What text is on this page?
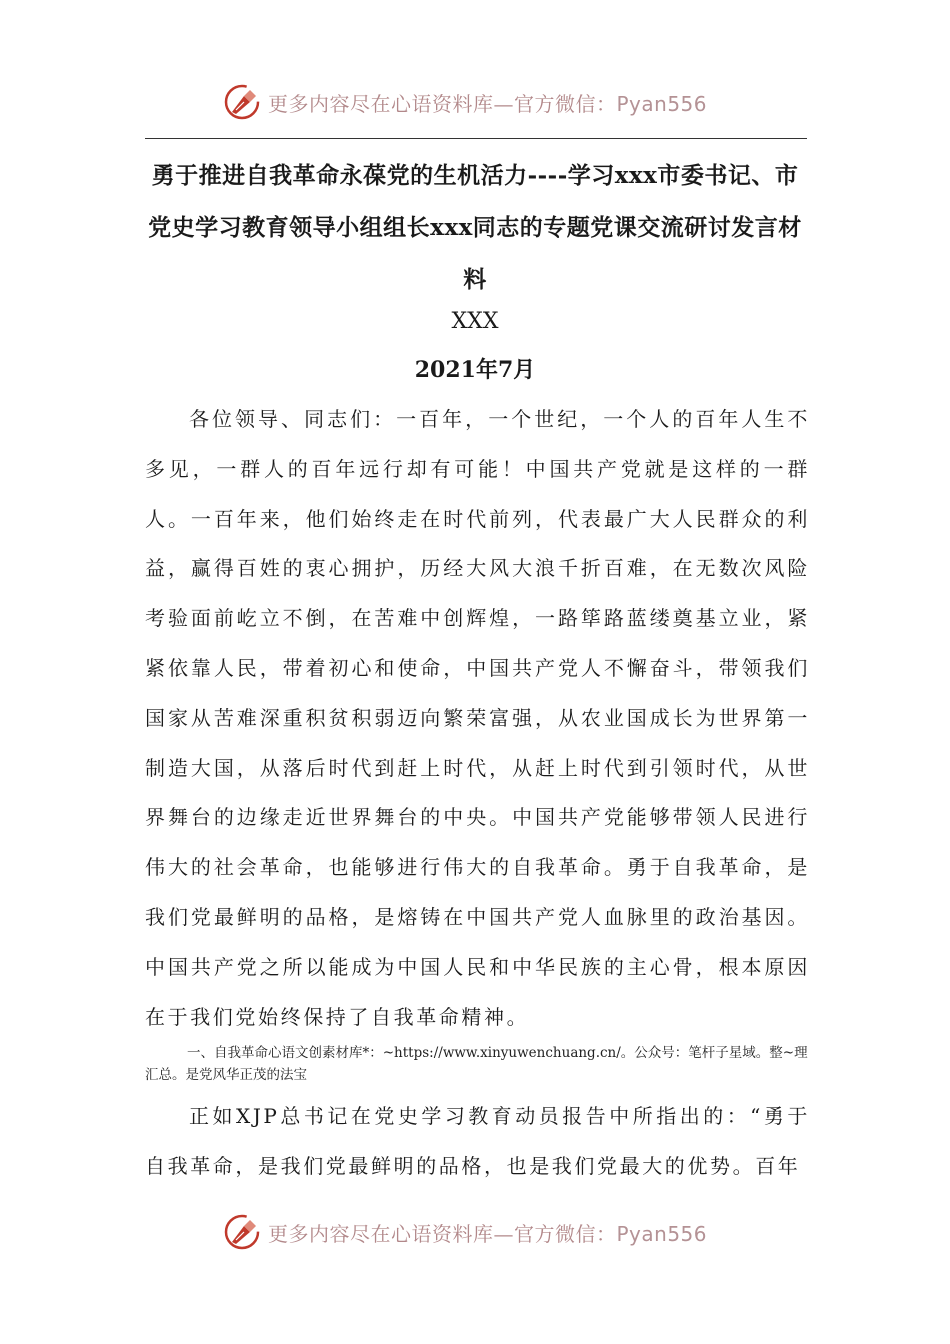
更多内容尽在心语资料库—官方微信：Pyan556
勇于推进自我革命永葆党的生机活力----学习xxx市委书记、市党史学习教育领导小组组长xxx同志的专题党课交流研讨发言材料
XXX
2021年7月

各位领导、同志们：一百年，一个世纪，一个人的百年人生不多见，一群人的百年远行却有可能！中国共产党就是这样的一群人。一百年来，他们始终走在时代前列，代表最广大人民群众的利益，赢得百姓的衷心拥护，历经大风大浪千折百难，在无数次风险考验面前屹立不倒，在苦难中创辉煌，一路筚路蓝缕奠基立业，紧紧依靠人民，带着初心和使命，中国共产党人不懈奋斗，带领我们国家从苦难深重积贫积弱迈向繁荣富强，从农业国成长为世界第一制造大国，从落后时代到赶上时代，从赶上时代到引领时代，从世界舞台的边缘走近世界舞台的中央。中国共产党能够带领人民进行伟大的社会革命，也能够进行伟大的自我革命。勇于自我革命，是我们党最鲜明的品格，是熔铸在中国共产党人血脉里的政治基因。中国共产党之所以能成为中国人民和中华民族的主心骨，根本原因在于我们党始终保持了自我革命精神。

一、自我革命心语文创素材库*：~https://www.xinyuwenchuang.cn/。公众号：笔杆子星域。整~理汇总。是党风华正茂的法宝

正如XJP总书记在党史学习教育动员报告中所指出的：“勇于自我革命，是我们党最鲜明的品格，也是我们党最大的优势。百年

更多内容尽在心语资料库—官方微信：Pyan556
